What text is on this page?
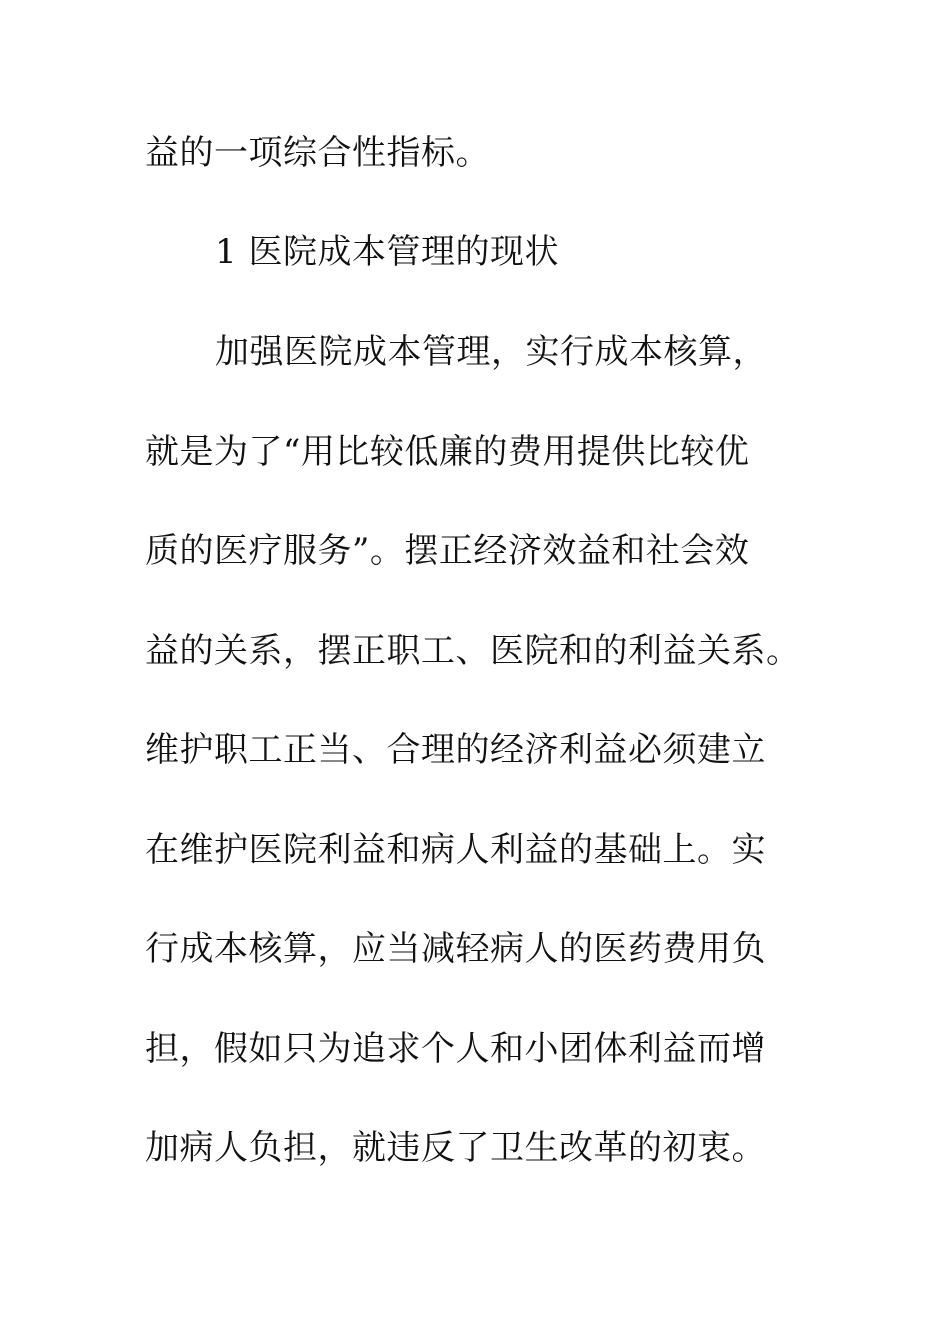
益的一项综合性指标。
1 医院成本管理的现状
加强医院成本管理，实行成本核算，
就是为了“用比较低廉的费用提供比较优
质的医疗服务”。摆正经济效益和社会效
益的关系，摆正职工、医院和的利益关系。
维护职工正当、合理的经济利益必须建立
在维护医院利益和病人利益的基础上。实
行成本核算，应当减轻病人的医药费用负
担，假如只为追求个人和小团体利益而增
加病人负担，就违反了卫生改革的初衷。
